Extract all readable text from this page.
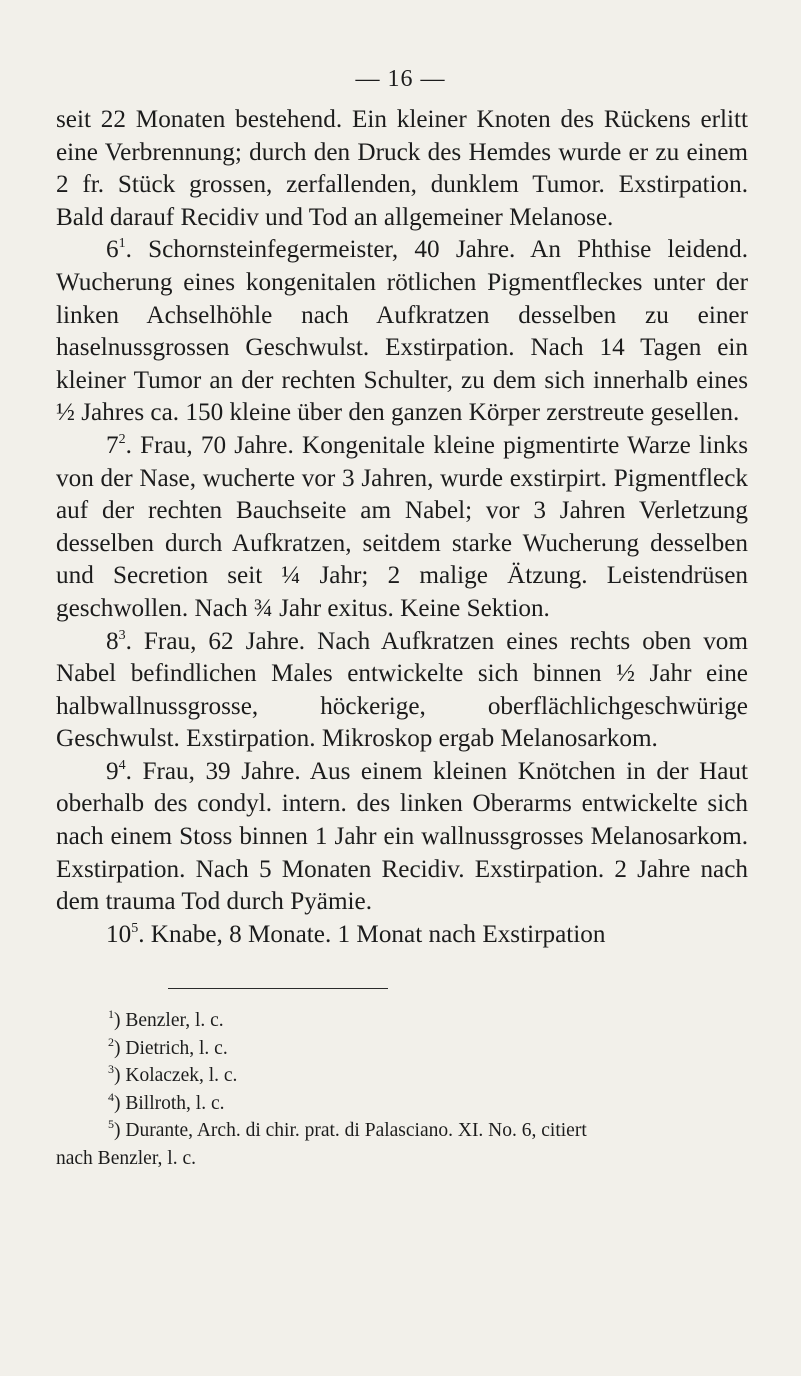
— 16 —

seit 22 Monaten bestehend. Ein kleiner Knoten des Rückens erlitt eine Verbrennung; durch den Druck des Hemdes wurde er zu einem 2 fr. Stück grossen, zerfallenden, dunklem Tumor. Exstirpation. Bald darauf Recidiv und Tod an allgemeiner Melanose.

$6^1$. Schornsteinfegermeister, 40 Jahre. An Phthise leidend. Wucherung eines kongenitalen rötlichen Pigmentfleckes unter der linken Achselhöhle nach Aufkratzen desselben zu einer haselnussgrossen Geschwulst. Exstirpation. Nach 14 Tagen ein kleiner Tumor an der rechten Schulter, zu dem sich innerhalb eines ½ Jahres ca. 150 kleine über den ganzen Körper zerstreute gesellen.

$7^2$. Frau, 70 Jahre. Kongenitale kleine pigmentirte Warze links von der Nase, wucherte vor 3 Jahren, wurde exstirpirt. Pigmentfleck auf der rechten Bauchseite am Nabel; vor 3 Jahren Verletzung desselben durch Aufkratzen, seitdem starke Wucherung desselben und Secretion seit ¼ Jahr; 2 malige Ätzung. Leistendrüsen geschwollen. Nach ¾ Jahr exitus. Keine Sektion.

$8^3$. Frau, 62 Jahre. Nach Aufkratzen eines rechts oben vom Nabel befindlichen Males entwickelte sich binnen ½ Jahr eine halbwallnussgrosse, höckerige, oberflächlichgeschwürige Geschwulst. Exstirpation. Mikroskop ergab Melanosarkom.

$9^4$. Frau, 39 Jahre. Aus einem kleinen Knötchen in der Haut oberhalb des condyl. intern. des linken Oberarms entwickelte sich nach einem Stoss binnen 1 Jahr ein wallnussgrosses Melanosarkom. Exstirpation. Nach 5 Monaten Recidiv. Exstirpation. 2 Jahre nach dem trauma Tod durch Pyämie.

$10^5$. Knabe, 8 Monate. 1 Monat nach Exstirpation

$^1$) Benzler, l. c.

$^2$) Dietrich, l. c.

$^3$) Kolaczek, l. c.

$^4$) Billroth, l. c.

$^5$) Durante, Arch. di chir. prat. di Palasciano. XI. No. 6, citiert

nach Benzler, l. c.
